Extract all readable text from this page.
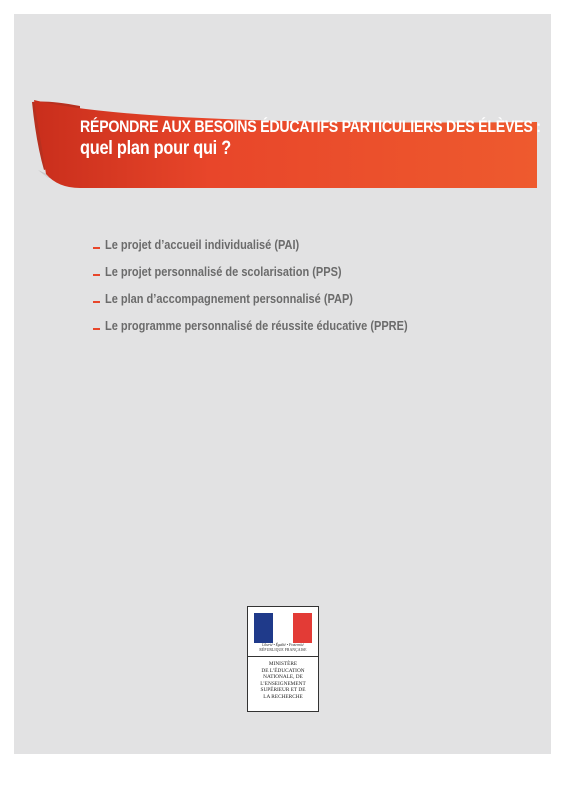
RÉPONDRE AUX BESOINS ÉDUCATIFS PARTICULIERS DES ÉLÈVES :
quel plan pour qui ?
Le projet d’accueil individualisé (PAI)
Le projet personnalisé de scolarisation (PPS)
Le plan d’accompagnement personnalisé (PAP)
Le programme personnalisé de réussite éducative (PPRE)
Liberté • Égalité • Fraternité
RÉPUBLIQUE FRANÇAISE
MINISTÈRE
DE L’ÉDUCATION
NATIONALE, DE
L’ENSEIGNEMENT
SUPÉRIEUR ET DE
LA RECHERCHE
